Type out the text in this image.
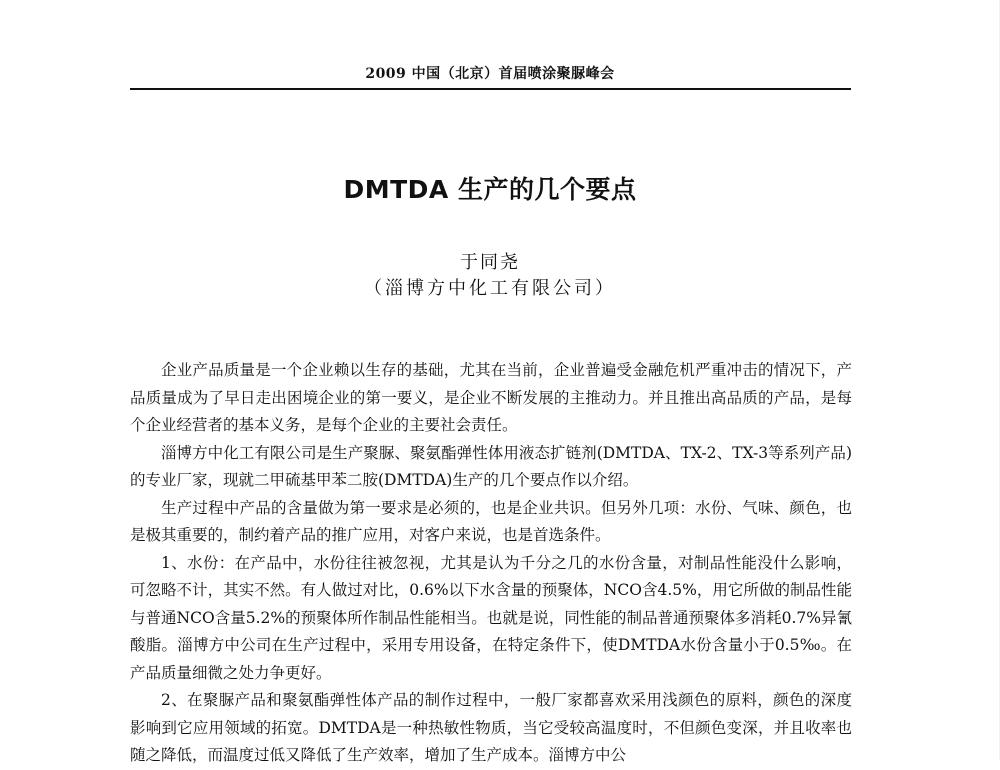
2009 中国（北京）首届喷涂聚脲峰会
DMTDA 生产的几个要点
于同尧
（淄博方中化工有限公司）

企业产品质量是一个企业赖以生存的基础，尤其在当前，企业普遍受金融危机严重冲击的情况下，产品质量成为了早日走出困境企业的第一要义，是企业不断发展的主推动力。并且推出高品质的产品，是每个企业经营者的基本义务，是每个企业的主要社会责任。

淄博方中化工有限公司是生产聚脲、聚氨酯弹性体用液态扩链剂(DMTDA、TX-2、TX-3等系列产品)的专业厂家，现就二甲硫基甲苯二胺(DMTDA)生产的几个要点作以介绍。

生产过程中产品的含量做为第一要求是必须的，也是企业共识。但另外几项：水份、气味、颜色，也是极其重要的，制约着产品的推广应用，对客户来说，也是首选条件。

1、水份：在产品中，水份往往被忽视，尤其是认为千分之几的水份含量，对制品性能没什么影响，可忽略不计，其实不然。有人做过对比，0.6%以下水含量的预聚体，NCO含4.5%，用它所做的制品性能与普通NCO含量5.2%的预聚体所作制品性能相当。也就是说，同性能的制品普通预聚体多消耗0.7%异氰酸脂。淄博方中公司在生产过程中，采用专用设备，在特定条件下，使DMTDA水份含量小于0.5‰。在产品质量细微之处力争更好。

2、在聚脲产品和聚氨酯弹性体产品的制作过程中，一般厂家都喜欢采用浅颜色的原料，颜色的深度影响到它应用领域的拓宽。DMTDA是一种热敏性物质，当它受较高温度时，不但颜色变深，并且收率也随之降低，而温度过低又降低了生产效率，增加了生产成本。淄博方中公
